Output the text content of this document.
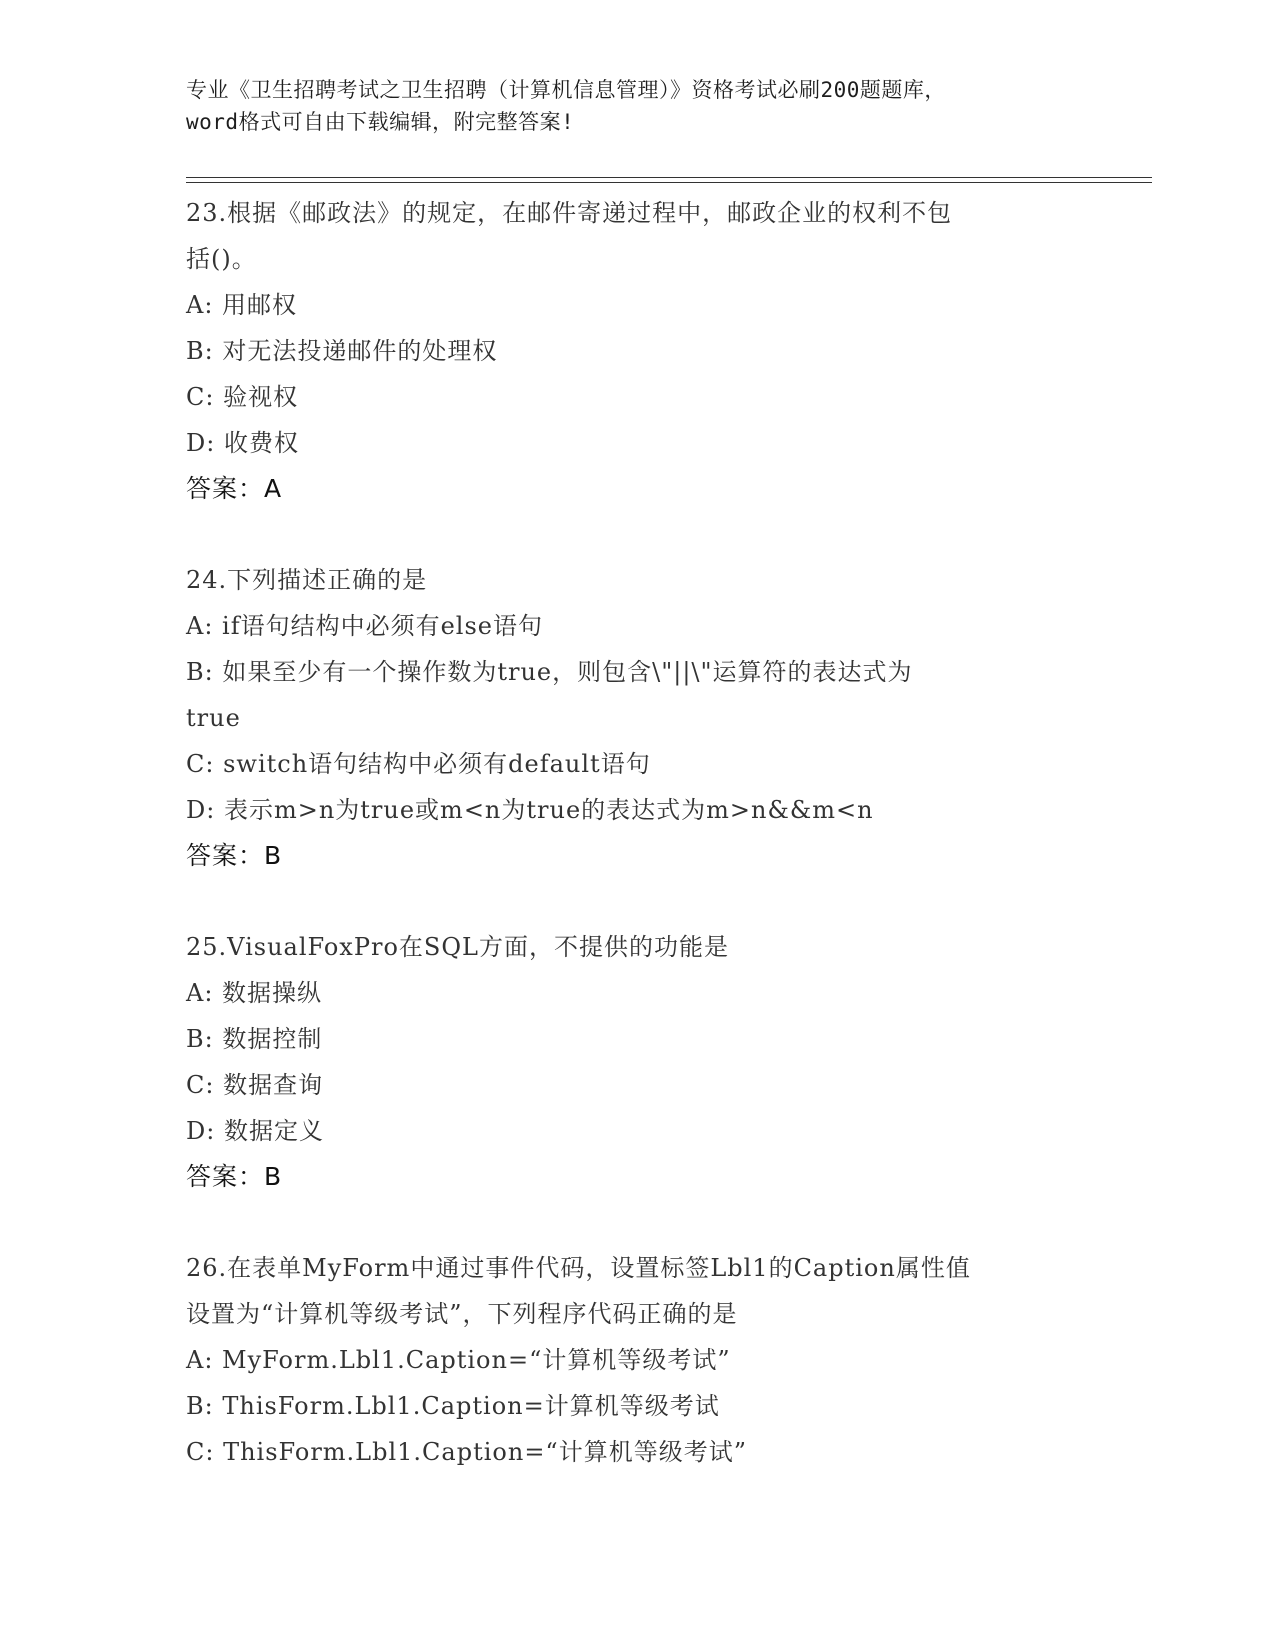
专业《卫生招聘考试之卫生招聘（计算机信息管理）》资格考试必刷200题题库，
word格式可自由下载编辑，附完整答案!
23.根据《邮政法》的规定，在邮件寄递过程中，邮政企业的权利不包
括()。
A: 用邮权
B: 对无法投递邮件的处理权
C: 验视权
D: 收费权
答案：A
24.下列描述正确的是
A: if语句结构中必须有else语句
B: 如果至少有一个操作数为true，则包含\"||\"运算符的表达式为
true
C: switch语句结构中必须有default语句
D: 表示m>n为true或m<n为true的表达式为m>n&&m<n
答案：B
25.VisualFoxPro在SQL方面，不提供的功能是
A: 数据操纵
B: 数据控制
C: 数据查询
D: 数据定义
答案：B
26.在表单MyForm中通过事件代码，设置标签Lbl1的Caption属性值
设置为“计算机等级考试”，下列程序代码正确的是
A: MyForm.Lbl1.Caption=“计算机等级考试”
B: ThisForm.Lbl1.Caption=计算机等级考试
C: ThisForm.Lbl1.Caption=“计算机等级考试”
